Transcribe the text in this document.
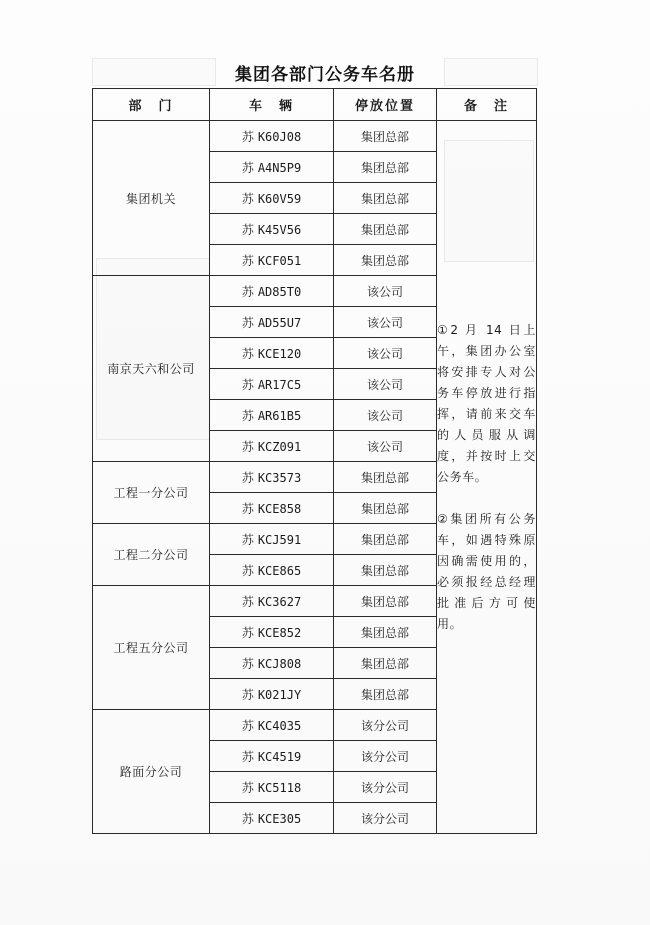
集团各部门公务车名册
部　门	车　辆	停放位置	备　注
集团机关	苏 K60J08	集团总部	①2 月 14 日上午，集团办公室将安排专人对公务车停放进行指挥，请前来交车的人员服从调度，并按时上交公务车。
②集团所有公务车，如遇特殊原因确需使用的，必须报经总经理批准后方可使用。

	苏 A4N5P9	集团总部	
	苏 K60V59	集团总部	
	苏 K45V56	集团总部	
	苏 KCF051	集团总部	
南京天六和公司	苏 AD85T0	该公司	
	苏 AD55U7	该公司	
	苏 KCE120	该公司	
	苏 AR17C5	该公司	
	苏 AR61B5	该公司	
	苏 KCZ091	该公司	
工程一分公司	苏 KC3573	集团总部	
	苏 KCE858	集团总部	
工程二分公司	苏 KCJ591	集团总部	
	苏 KCE865	集团总部	
工程五分公司	苏 KC3627	集团总部	
	苏 KCE852	集团总部	
	苏 KCJ808	集团总部	
	苏 K021JY	集团总部	
路面分公司	苏 KC4035	该分公司	
	苏 KC4519	该分公司	
	苏 KC5118	该分公司	
	苏 KCE305	该分公司	
